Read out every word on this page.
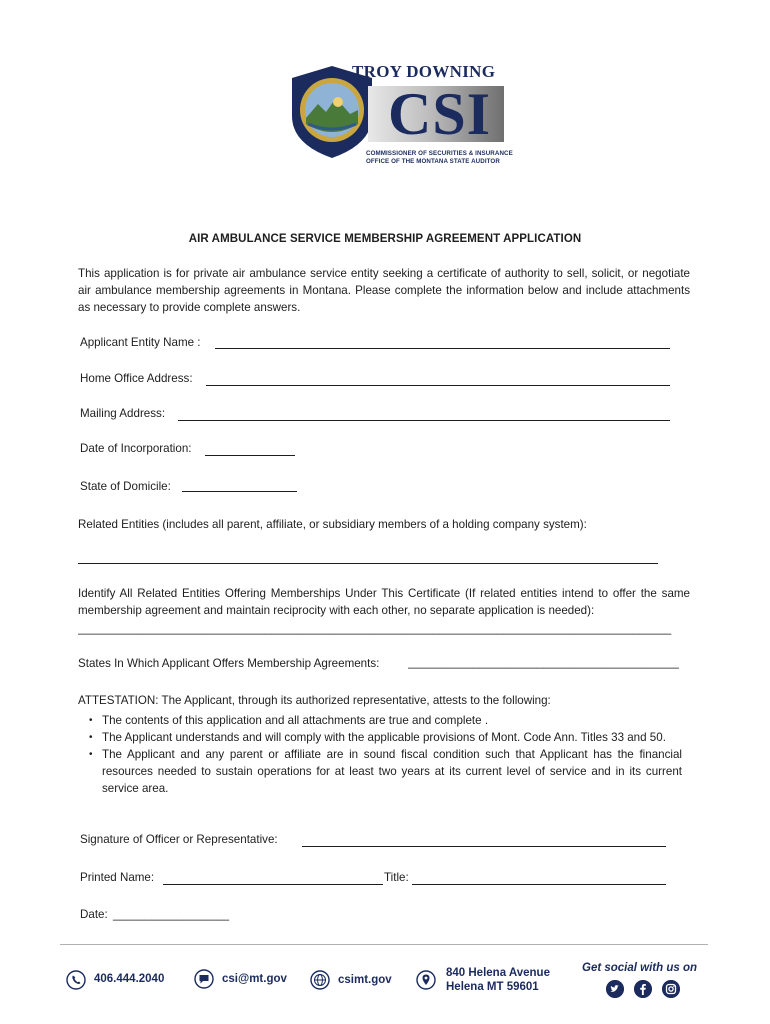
TROY DOWNING
CSI
COMMISSIONER OF SECURITIES & INSURANCE
OFFICE OF THE MONTANA STATE AUDITOR
AIR AMBULANCE SERVICE MEMBERSHIP AGREEMENT APPLICATION
This application is for private air ambulance service entity seeking a certificate of authority to sell, solicit, or negotiate air ambulance membership agreements in Montana. Please complete the information below and include attachments as necessary to provide complete answers.
Applicant Entity Name :
Home Office Address:
Mailing Address:
Date of Incorporation:
State of Domicile:
Related Entities (includes all parent, affiliate, or subsidiary members of a holding company system):
Identify All Related Entities Offering Memberships Under This Certificate (If related entities intend to offer the same membership agreement and maintain reciprocity with each other, no separate application is needed):
____________________________________________________________________________________________
States In Which Applicant Offers Membership Agreements: __________________________________________
ATTESTATION: The Applicant, through its authorized representative, attests to the following:
• The contents of this application and all attachments are true and complete .
• The Applicant understands and will comply with the applicable provisions of Mont. Code Ann. Titles 33 and 50.
• The Applicant and any parent or affiliate are in sound fiscal condition such that Applicant has the financial resources needed to sustain operations for at least two years at its current level of service and in its current service area.
Signature of Officer or Representative:
Printed Name:	Title:
Date: __________________
406.444.2040	csi@mt.gov	csimt.gov
840 Helena Avenue
Helena MT 59601
Get social with us on
